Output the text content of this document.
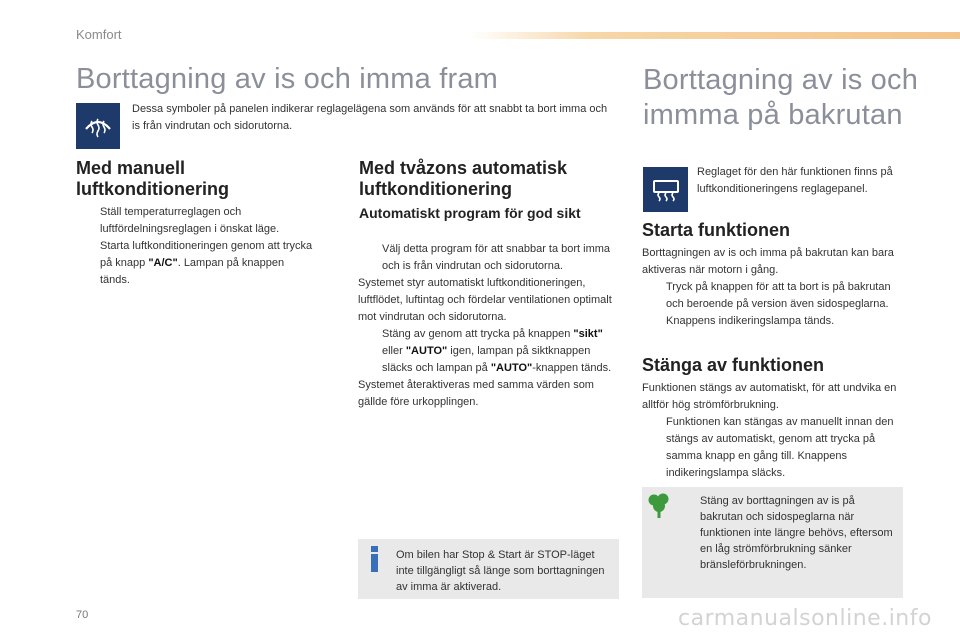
Komfort
Borttagning av is och imma fram

Dessa symboler på panelen indikerar reglagelägena som används för att snabbt ta bort imma och is från vindrutan och sidorutorna.

Med manuell luftkonditionering

Ställ temperaturreglagen och luftfördelningsreglagen i önskat läge.

Starta luftkonditioneringen genom att trycka på knapp "A/C". Lampan på knappen tänds.

Med tvåzons automatisk luftkonditionering
Automatiskt program för god sikt

Välj detta program för att snabbar ta bort imma och is från vindrutan och sidorutorna.

Systemet styr automatiskt luftkonditioneringen, luftflödet, luftintag och fördelar ventilationen optimalt mot vindrutan och sidorutorna.

Stäng av genom att trycka på knappen "sikt" eller "AUTO" igen, lampan på siktknappen släcks och lampan på "AUTO"-knappen tänds.

Systemet återaktiveras med samma värden som gällde före urkopplingen.

Om bilen har Stop & Start är STOP-läget inte tillgängligt så länge som borttagningen av imma är aktiverad.
Borttagning av is och immma på bakrutan

Reglaget för den här funktionen finns på luftkonditioneringens reglagepanel.

Starta funktionen

Borttagningen av is och imma på bakrutan kan bara aktiveras när motorn i gång.

Tryck på knappen för att ta bort is på bakrutan och beroende på version även sidospeglarna. Knappens indikeringslampa tänds.

Stänga av funktionen

Funktionen stängs av automatiskt, för att undvika en alltför hög strömförbrukning.

Funktionen kan stängas av manuellt innan den stängs av automatiskt, genom att trycka på samma knapp en gång till. Knappens indikeringslampa släcks.

Stäng av borttagningen av is på bakrutan och sidospeglarna när funktionen inte längre behövs, eftersom en låg strömförbrukning sänker bränsleförbrukningen.
70	carmanualsonline.info
